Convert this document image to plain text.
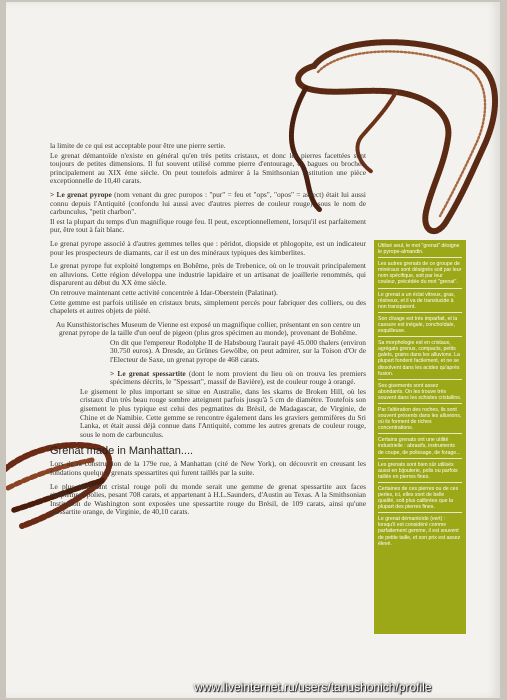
la limite de ce qui est acceptable pour être une pierre sertie.

Le grenat démantoïde n'existe en général qu'en très petits cristaux, et donc les pierres facettées sont toujours de petites dimensions. Il fut souvent utilisé comme pierre d'entourage, en bagues ou broches, principalement au XIX ème siècle. On peut toutefois admirer à la Smithsonian Institution une pièce exceptionnelle de 10,40 carats.

> Le grenat pyrope (nom venant du grec puropos : "pur" = feu et "ops", "opos" = aspect) était lui aussi connu depuis l'Antiquité (confondu lui aussi avec d'autres pierres de couleur rouge), sous le nom de carbunculus, "petit charbon".

Il est la plupart du temps d'un magnifique rouge feu. Il peut, exceptionnellement, lorsqu'il est parfaitement pur, être tout à fait blanc.

Le grenat pyrope associé à d'autres gemmes telles que : péridot, diopside et phlogopite, est un indicateur pour les prospecteurs de diamants, car il est un des minéraux typiques des kimberlites.

Le grenat pyrope fut exploité longtemps en Bohême, près de Trebenice, où on le trouvait principalement en alluvions. Cette région développa une industrie lapidaire et un artisanat de joaillerie renommés, qui disparurent au début du XX ème siècle.

On retrouve maintenant cette activité concentrée à Idar-Oberstein (Palatinat).

Cette gemme est parfois utilisée en cristaux bruts, simplement percés pour fabriquer des colliers, ou des chapelets et autres objets de piété.

Au Kunsthistorisches Museum de Vienne est exposé un magnifique collier, présentant en son centre un grenat pyrope de la taille d'un oeuf de pigeon (plus gros spécimen au monde), provenant de Bohême.

On dit que l'empereur Rodolphe II de Habsbourg l'aurait payé 45.000 thalers (environ 30.750 euros). A Dresde, au Grünes Gewölbe, on peut admirer, sur la Toison d'Or de l'Electeur de Saxe, un grenat pyrope de 468 carats.

> Le grenat spessartite (dont le nom provient du lieu où on trouva les premiers spécimens décrits, le "Spessart", massif de Bavière), est de couleur rouge à orangé.

Le gisement le plus important se situe en Australie, dans les skarns de Broken Hill, où les cristaux d'un très beau rouge sombre atteignent parfois jusqu'à 5 cm de diamètre. Toutefois son gisement le plus typique est celui des pegmatites du Brésil, de Madagascar, de Virginie, de Chine et de Namibie. Cette gemme se rencontre également dans les graviers gemmifères du Sri Lanka, et était aussi déjà connue dans l'Antiquité, comme les autres grenats de couleur rouge, sous le nom de carbunculus.

Grenat made in Manhattan....

Lors de la construction de la 179e rue, à Manhattan (cité de New York), on découvrit en creusant les fondations quelques grenats spessartites qui furent taillés par la suite.

Le plus important cristal rouge poli du monde serait une gemme de grenat spessartite aux faces simplement polies, pesant 708 carats, et appartenant à H.L.Saunders, d'Austin au Texas. A la Smithsonian Institution de Washington sont exposées une spessartite rouge du Brésil, de 109 carats, ainsi qu'une spessartite orange, de Virginie, de 40,10 carats.

Utilisé seul, le mot "grenat" désigne le pyrope-almandin.

Les autres grenats de ce groupe de minéraux sont désignés soit par leur nom spécifique, soit par leur couleur, précédée du mot "grenat".

Le grenat a un éclat vitreux, gras, résineux, et il va de translucide à non transparent.

Son clivage est très imparfait, et la cassure est inégale, conchoïdale, esquilleuse.

Sa morphologie est en cristaux, agrégats grenus, compacts, petits galets, grains dans les alluvions. La plupart fondent facilement, et ne se dissolvent dans les acides qu'après fusion.

Ses gisements sont assez abondants. On les trouve très souvent dans les schistes cristallins.

Par l'altération des roches, ils sont souvent présents dans les alluvions, où ils forment de riches concentrations.

Certains grenats ont une utilité industrielle : abrasifs, instruments de coupe, de polissage, de forage...

Les grenats sont bien sûr utilisés aussi en bijouterie, polis ou parfois taillés en pierres fines.

Certaines de ces pierres ou de ces perles, ici, elles sont de belle qualité, soit plus calibrées que la plupart des pierres fines.

Le grenat démantoïde (vert) : lorsqu'il est considéré comme parfaitement gemme, il est souvent de petite taille, et son prix est assez élevé.

www.liveinternet.ru/users/tanushonich/profile
